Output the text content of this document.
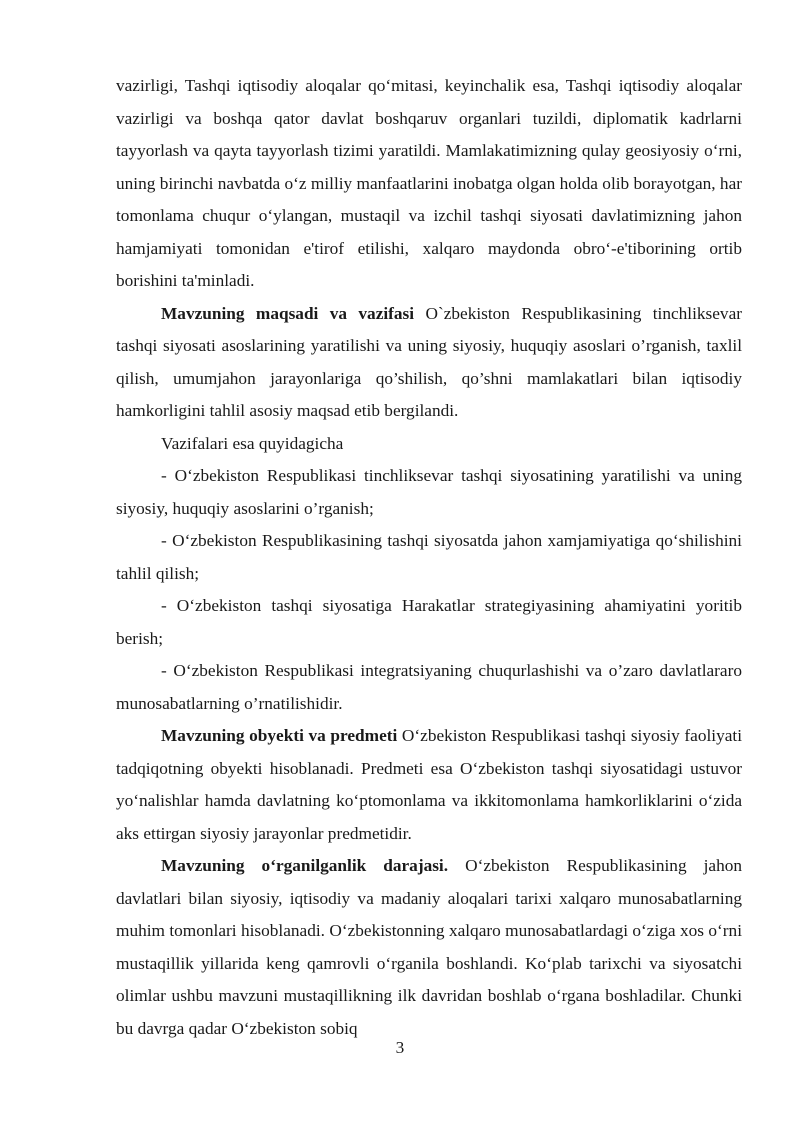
vazirligi, Tashqi iqtisodiy aloqalar qo‘mitasi, keyinchalik esa, Tashqi iqtisodiy aloqalar vazirligi va boshqa qator davlat boshqaruv organlari tuzildi, diplomatik kadrlarni tayyorlash va qayta tayyorlash tizimi yaratildi. Mamlakatimizning qulay geosiyosiy o‘rni, uning birinchi navbatda o‘z milliy manfaatlarini inobatga olgan holda olib borayotgan, har tomonlama chuqur o‘ylangan, mustaqil va izchil tashqi siyosati davlatimizning jahon hamjamiyati tomonidan e'tirof etilishi, xalqaro maydonda obro‘-e'tiborining ortib borishini ta'minladi.

Mavzuning maqsadi va vazifasi O`zbekiston Respublikasining tinchliksevar tashqi siyosati asoslarining yaratilishi va uning siyosiy, huquqiy asoslari o’rganish, taxlil qilish, umumjahon jarayonlariga qo’shilish, qo’shni mamlakatlari bilan iqtisodiy hamkorligini tahlil asosiy maqsad etib bergilandi.

Vazifalari esa quyidagicha

- O‘zbekiston Respublikasi tinchliksevar tashqi siyosatining yaratilishi va uning siyosiy, huquqiy asoslarini o’rganish;

- O‘zbekiston Respublikasining tashqi siyosatda jahon xamjamiyatiga qo‘shilishini tahlil qilish;

- O‘zbekiston tashqi siyosatiga Harakatlar strategiyasining ahamiyatini yoritib berish;

- O‘zbekiston Respublikasi integratsiyaning chuqurlashishi va o’zaro davlatlararo munosabatlarning o’rnatilishidir.

Mavzuning obyekti va predmeti O‘zbekiston Respublikasi tashqi siyosiy faoliyati tadqiqotning obyekti hisoblanadi. Predmeti esa O‘zbekiston tashqi siyosatidagi ustuvor yo‘nalishlar hamda davlatning ko‘ptomonlama va ikkitomonlama hamkorliklarini o‘zida aks ettirgan siyosiy jarayonlar predmetidir.

Mavzuning o‘rganilganlik darajasi. O‘zbekiston Respublikasining jahon davlatlari bilan siyosiy, iqtisodiy va madaniy aloqalari tarixi xalqaro munosabatlarning muhim tomonlari hisoblanadi. O‘zbekistonning xalqaro munosabatlardagi o‘ziga xos o‘rni mustaqillik yillarida keng qamrovli o‘rganila boshlandi. Ko‘plab tarixchi va siyosatchi olimlar ushbu mavzuni mustaqillikning ilk davridan boshlab o‘rgana boshladilar. Chunki bu davrga qadar O‘zbekiston sobiq

3
